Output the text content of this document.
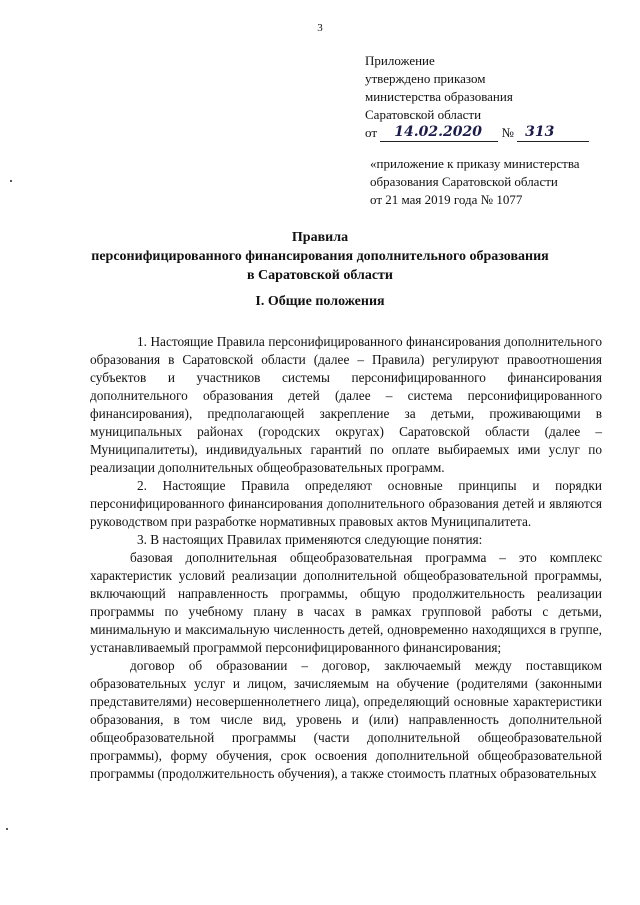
3
Приложение
утверждено приказом
министерства образования
Саратовской области
от 14.02.2020 № 313
«приложение к приказу министерства
образования Саратовской области
от 21 мая 2019 года № 1077
Правила
персонифицированного финансирования дополнительного образования
в Саратовской области
I. Общие положения

1. Настоящие Правила персонифицированного финансирования дополнительного образования в Саратовской области (далее – Правила) регулируют правоотношения субъектов и участников системы персонифицированного финансирования дополнительного образования детей (далее – система персонифицированного финансирования), предполагающей закрепление за детьми, проживающими в муниципальных районах (городских округах) Саратовской области (далее – Муниципалитеты), индивидуальных гарантий по оплате выбираемых ими услуг по реализации дополнительных общеобразовательных программ.

2. Настоящие Правила определяют основные принципы и порядки персонифицированного финансирования дополнительного образования детей и являются руководством при разработке нормативных правовых актов Муниципалитета.

3. В настоящих Правилах применяются следующие понятия:

базовая дополнительная общеобразовательная программа – это комплекс характеристик условий реализации дополнительной общеобразовательной программы, включающий направленность программы, общую продолжительность реализации программы по учебному плану в часах в рамках групповой работы с детьми, минимальную и максимальную численность детей, одновременно находящихся в группе, устанавливаемый программой персонифицированного финансирования;

договор об образовании – договор, заключаемый между поставщиком образовательных услуг и лицом, зачисляемым на обучение (родителями (законными представителями) несовершеннолетнего лица), определяющий основные характеристики образования, в том числе вид, уровень и (или) направленность дополнительной общеобразовательной программы (части дополнительной общеобразовательной программы), форму обучения, срок освоения дополнительной общеобразовательной программы (продолжительность обучения), а также стоимость платных образовательных
